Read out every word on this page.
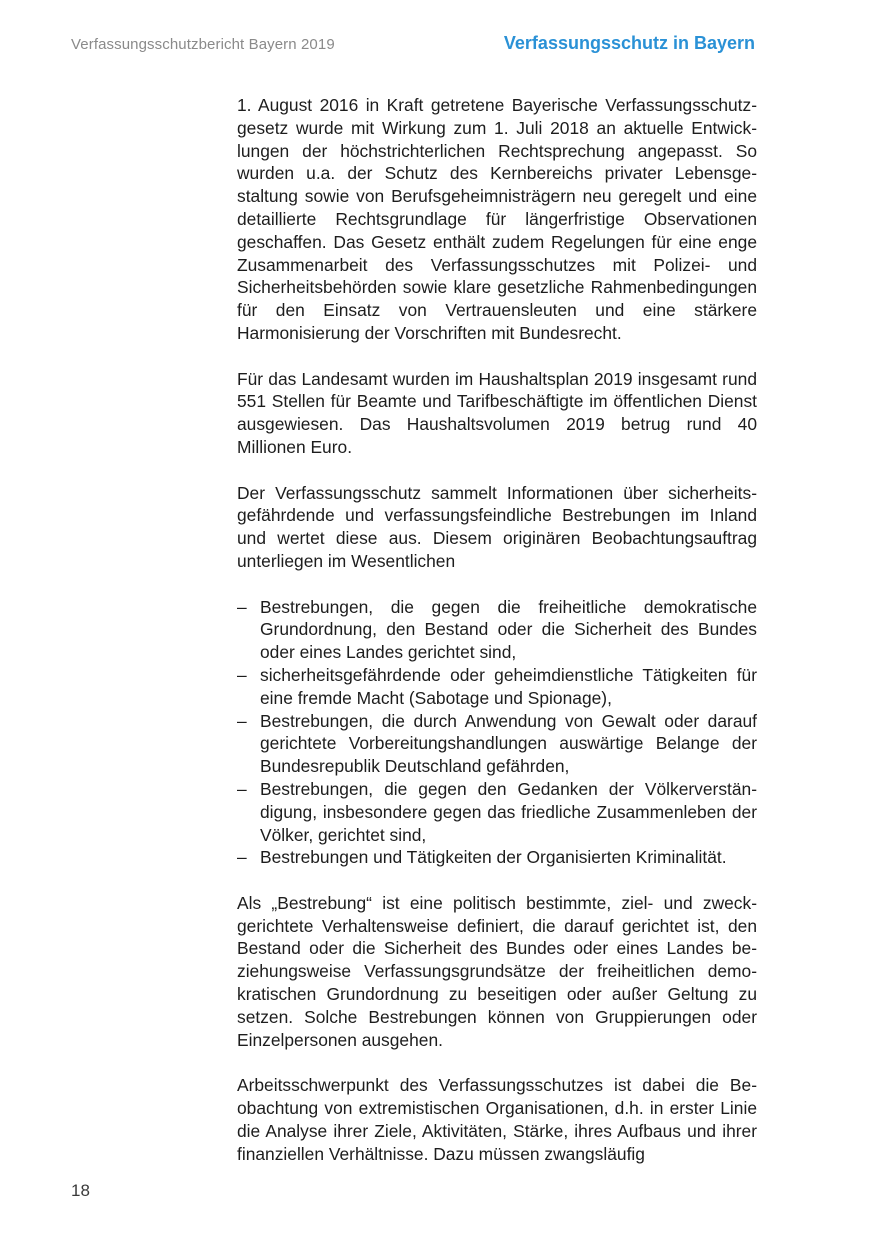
Verfassungsschutzbericht Bayern 2019	Verfassungsschutz in Bayern

1. August 2016 in Kraft getretene Bayerische Verfassungsschutzgesetz wurde mit Wirkung zum 1. Juli 2018 an aktuelle Entwicklungen der höchstrichterlichen Rechtsprechung angepasst. So wurden u.a. der Schutz des Kernbereichs privater Lebensgestaltung sowie von Berufsgeheimnisträgern neu geregelt und eine detaillierte Rechtsgrundlage für längerfristige Observationen geschaffen. Das Gesetz enthält zudem Regelungen für eine enge Zusammenarbeit des Verfassungsschutzes mit Polizei- und Sicherheitsbehörden sowie klare gesetzliche Rahmenbedingungen für den Einsatz von Vertrauensleuten und eine stärkere Harmonisierung der Vorschriften mit Bundesrecht.

Für das Landesamt wurden im Haushaltsplan 2019 insgesamt rund 551 Stellen für Beamte und Tarifbeschäftigte im öffentlichen Dienst ausgewiesen. Das Haushaltsvolumen 2019 betrug rund 40 Millionen Euro.

Der Verfassungsschutz sammelt Informationen über sicherheitsgefährdende und verfassungsfeindliche Bestrebungen im Inland und wertet diese aus. Diesem originären Beobachtungsauftrag unterliegen im Wesentlichen

– Bestrebungen, die gegen die freiheitliche demokratische Grundordnung, den Bestand oder die Sicherheit des Bundes oder eines Landes gerichtet sind,
– sicherheitsgefährdende oder geheimdienstliche Tätigkeiten für eine fremde Macht (Sabotage und Spionage),
– Bestrebungen, die durch Anwendung von Gewalt oder darauf gerichtete Vorbereitungshandlungen auswärtige Belange der Bundesrepublik Deutschland gefährden,
– Bestrebungen, die gegen den Gedanken der Völkerverständigung, insbesondere gegen das friedliche Zusammenleben der Völker, gerichtet sind,
– Bestrebungen und Tätigkeiten der Organisierten Kriminalität.

Als „Bestrebung“ ist eine politisch bestimmte, ziel- und zweckgerichtete Verhaltensweise definiert, die darauf gerichtet ist, den Bestand oder die Sicherheit des Bundes oder eines Landes beziehungsweise Verfassungsgrundsätze der freiheitlichen demokratischen Grundordnung zu beseitigen oder außer Geltung zu setzen. Solche Bestrebungen können von Gruppierungen oder Einzelpersonen ausgehen.

Arbeitsschwerpunkt des Verfassungsschutzes ist dabei die Beobachtung von extremistischen Organisationen, d.h. in erster Linie die Analyse ihrer Ziele, Aktivitäten, Stärke, ihres Aufbaus und ihrer finanziellen Verhältnisse. Dazu müssen zwangsläufig

18
